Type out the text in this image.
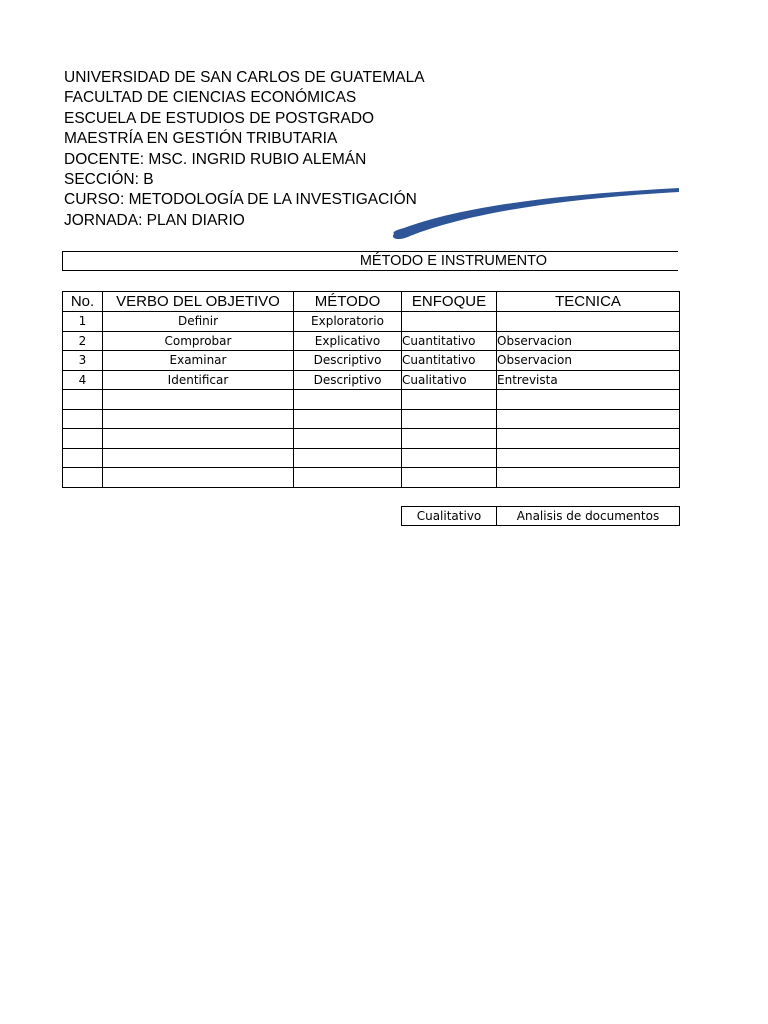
UNIVERSIDAD DE SAN CARLOS DE GUATEMALA
FACULTAD DE CIENCIAS ECONÓMICAS
ESCUELA DE ESTUDIOS DE POSTGRADO
MAESTRÍA EN GESTIÓN TRIBUTARIA
DOCENTE: MSC. INGRID RUBIO ALEMÁN
SECCIÓN: B
CURSO: METODOLOGÍA DE LA INVESTIGACIÓN
JORNADA: PLAN DIARIO
MÉTODO E INSTRUMENTO
No.	VERBO DEL OBJETIVO	MÉTODO	ENFOQUE	TECNICA
1	Definir	Exploratorio		
2	Comprobar	Explicativo	Cuantitativo	Observacion
3	Examinar	Descriptivo	Cuantitativo	Observacion
4	Identificar	Descriptivo	Cualitativo	Entrevista

Cualitativo	Analisis de documentos
